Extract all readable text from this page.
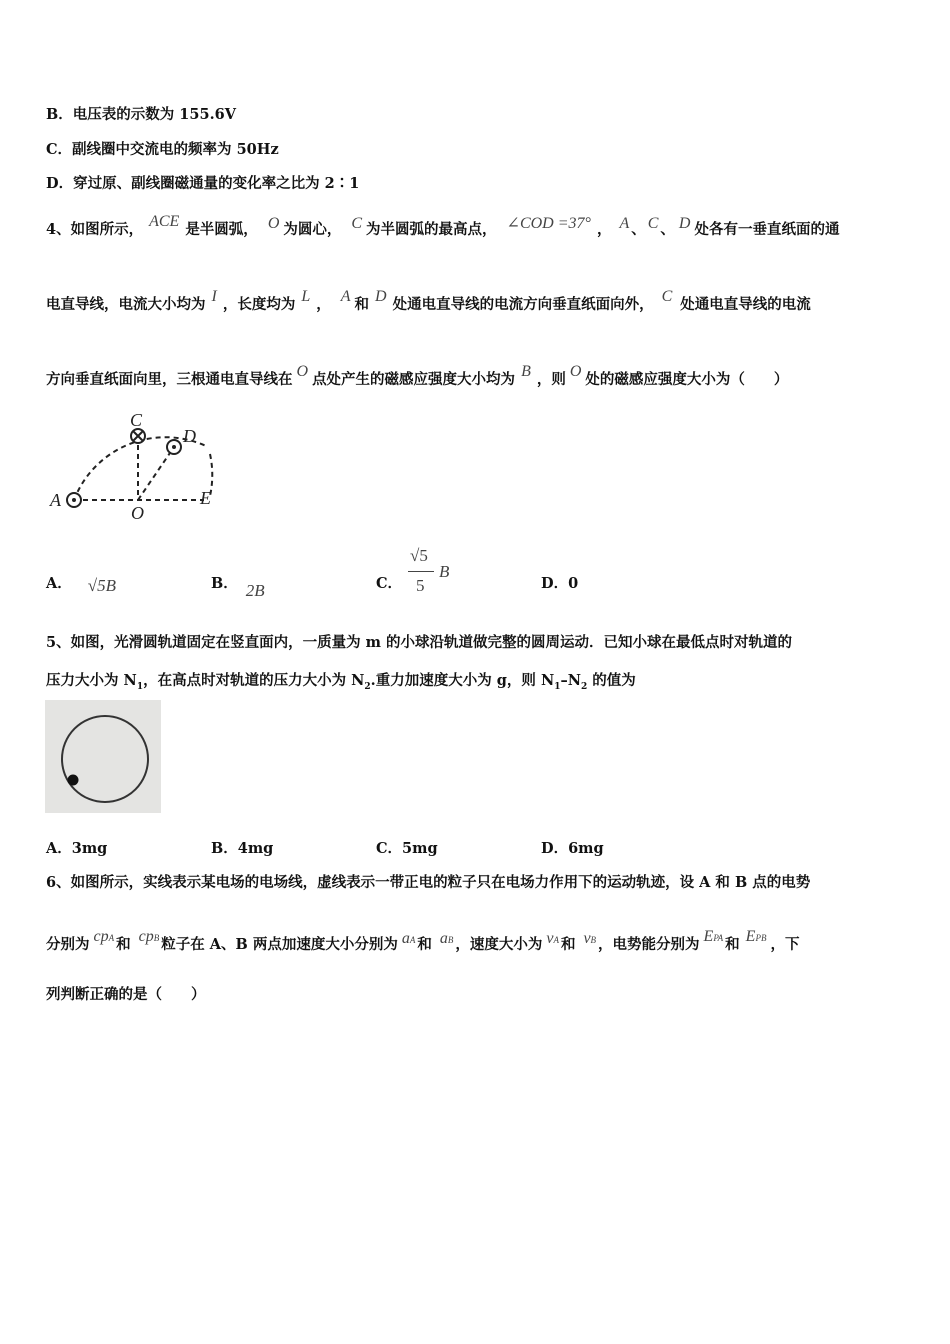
B．电压表的示数为 155.6V
C．副线圈中交流电的频率为 50Hz
D．穿过原、副线圈磁通量的变化率之比为 2∶1
4、如图所示， ACE 是半圆弧， O 为圆心， C 为半圆弧的最高点， ∠COD =37° ， A 、 C 、 D 处各有一垂直纸面的通
电直导线，电流大小均为 I ，长度均为 L ， A 和 D 处通电直导线的电流方向垂直纸面向外， C 处通电直导线的电流
方向垂直纸面向里，三根通电直导线在 O 点处产生的磁感应强度大小均为 B ，则 O 处的磁感应强度大小为（　　）
A
C
D
O
E
A． √5B	B． 2B	C．
√5
5
B
D．0
5、如图，光滑圆轨道固定在竖直面内，一质量为 m 的小球沿轨道做完整的圆周运动．已知小球在最低点时对轨道的
压力大小为 $N_1$，在高点时对轨道的压力大小为 $N_2$.重力加速度大小为 g，则 $N_1-N_2$ 的值为
A．3mg	B．4mg	C．5mg	D．6mg
6、如图所示，实线表示某电场的电场线，虚线表示一带正电的粒子只在电场力作用下的运动轨迹，设 A 和 B 点的电势
分别为 cpA 和 cpB 粒子在 A、B 两点加速度大小分别为 aA 和 aB ，速度大小为 vA 和 vB ，电势能分别为 EPA 和 EPB ，下
列判断正确的是（　　）
